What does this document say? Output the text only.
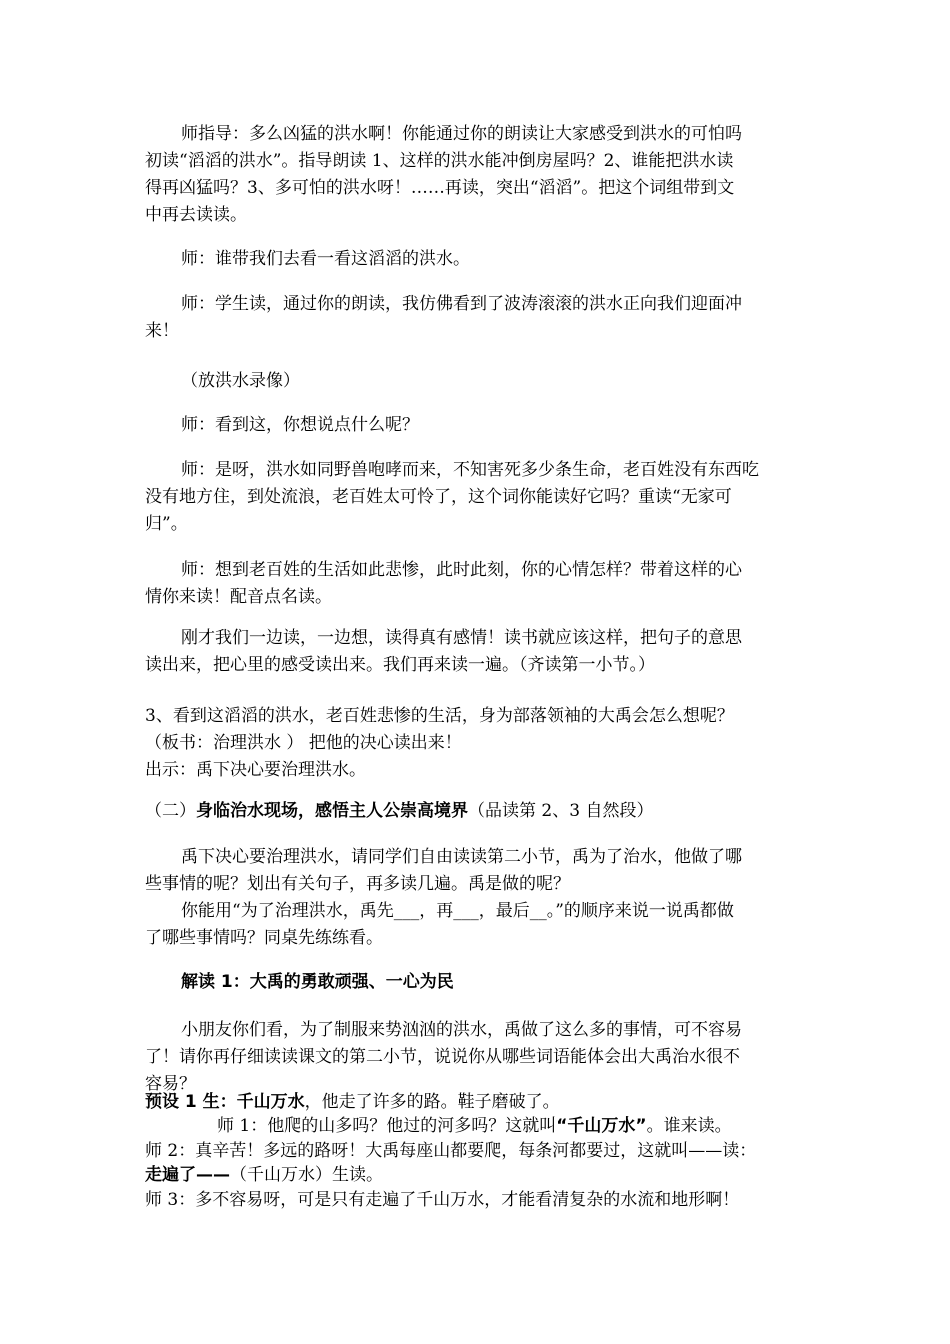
师指导：多么凶猛的洪水啊！你能通过你的朗读让大家感受到洪水的可怕吗
初读“滔滔的洪水”。指导朗读 1、这样的洪水能冲倒房屋吗？2、谁能把洪水读
得再凶猛吗？3、多可怕的洪水呀！……再读，突出“滔滔”。把这个词组带到文
中再去读读。
师：谁带我们去看一看这滔滔的洪水。
师：学生读，通过你的朗读，我仿佛看到了波涛滚滚的洪水正向我们迎面冲
来！
（放洪水录像）
师：看到这，你想说点什么呢？
师：是呀，洪水如同野兽咆哮而来，不知害死多少条生命，老百姓没有东西吃
没有地方住，到处流浪，老百姓太可怜了，这个词你能读好它吗？重读“无家可
归”。
师：想到老百姓的生活如此悲惨，此时此刻，你的心情怎样？带着这样的心
情你来读！配音点名读。
刚才我们一边读，一边想，读得真有感情！读书就应该这样，把句子的意思
读出来，把心里的感受读出来。我们再来读一遍。（齐读第一小节。）
3、看到这滔滔的洪水，老百姓悲惨的生活，身为部落领袖的大禹会怎么想呢？
（板书：治理洪水 ） 把他的决心读出来！
出示：禹下决心要治理洪水。
（二）身临治水现场，感悟主人公崇高境界（品读第 2、3 自然段）
禹下决心要治理洪水，请同学们自由读读第二小节，禹为了治水，他做了哪
些事情的呢？划出有关句子，再多读几遍。禹是做的呢？
你能用“为了治理洪水，禹先___，再___，最后__。”的顺序来说一说禹都做
了哪些事情吗？同桌先练练看。
解读 1：大禹的勇敢顽强、一心为民
小朋友你们看，为了制服来势汹汹的洪水，禹做了这么多的事情，可不容易
了！请你再仔细读读课文的第二小节，说说你从哪些词语能体会出大禹治水很不
容易？
预设 1 生：千山万水，他走了许多的路。鞋子磨破了。
师 1：他爬的山多吗？他过的河多吗？这就叫“千山万水”。谁来读。
师 2：真辛苦！多远的路呀！大禹每座山都要爬，每条河都要过，这就叫——读：
走遍了——（千山万水）生读。
师 3：多不容易呀，可是只有走遍了千山万水，才能看清复杂的水流和地形啊！
